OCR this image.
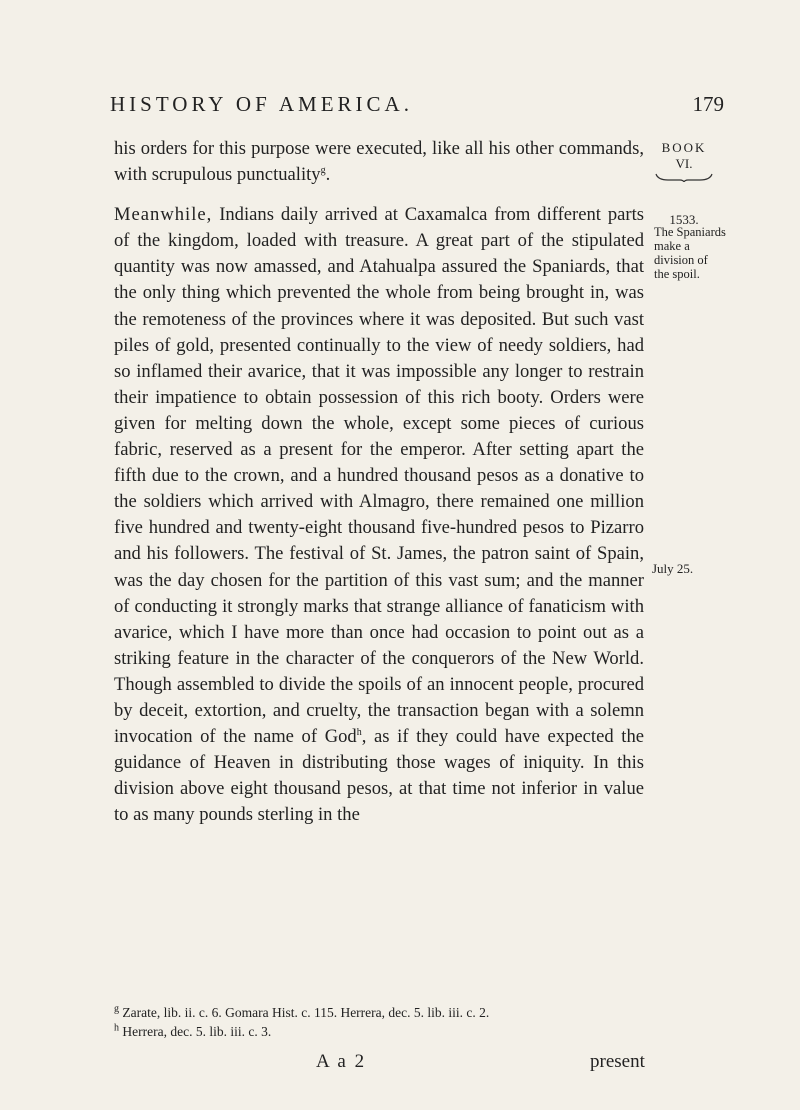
HISTORY OF AMERICA.	179
BOOK
VI.
1533.
The Spaniards make a division of the spoil.
July 25.

his orders for this purpose were executed, like all his other commands, with scrupulous punctuality$^g$.

Meanwhile, Indians daily arrived at Caxamalca from different parts of the kingdom, loaded with treasure. A great part of the stipulated quantity was now amassed, and Atahualpa assured the Spaniards, that the only thing which prevented the whole from being brought in, was the remoteness of the provinces where it was deposited. But such vast piles of gold, presented continually to the view of needy soldiers, had so inflamed their avarice, that it was impossible any longer to restrain their impatience to obtain possession of this rich booty. Orders were given for melting down the whole, except some pieces of curious fabric, reserved as a present for the emperor. After setting apart the fifth due to the crown, and a hundred thousand pesos as a donative to the soldiers which arrived with Almagro, there remained one million five hundred and twenty-eight thousand five-hundred pesos to Pizarro and his followers. The festival of St. James, the patron saint of Spain, was the day chosen for the partition of this vast sum; and the manner of conducting it strongly marks that strange alliance of fanaticism with avarice, which I have more than once had occasion to point out as a striking feature in the character of the conquerors of the New World. Though assembled to divide the spoils of an innocent people, procured by deceit, extortion, and cruelty, the transaction began with a solemn invocation of the name of God$^h$, as if they could have expected the guidance of Heaven in distributing those wages of iniquity. In this division above eight thousand pesos, at that time not inferior in value to as many pounds sterling in the

$^g$ Zarate, lib. ii. c. 6. Gomara Hist. c. 115. Herrera, dec. 5. lib. iii. c. 2.
$^h$ Herrera, dec. 5. lib. iii. c. 3.
A a 2	present
